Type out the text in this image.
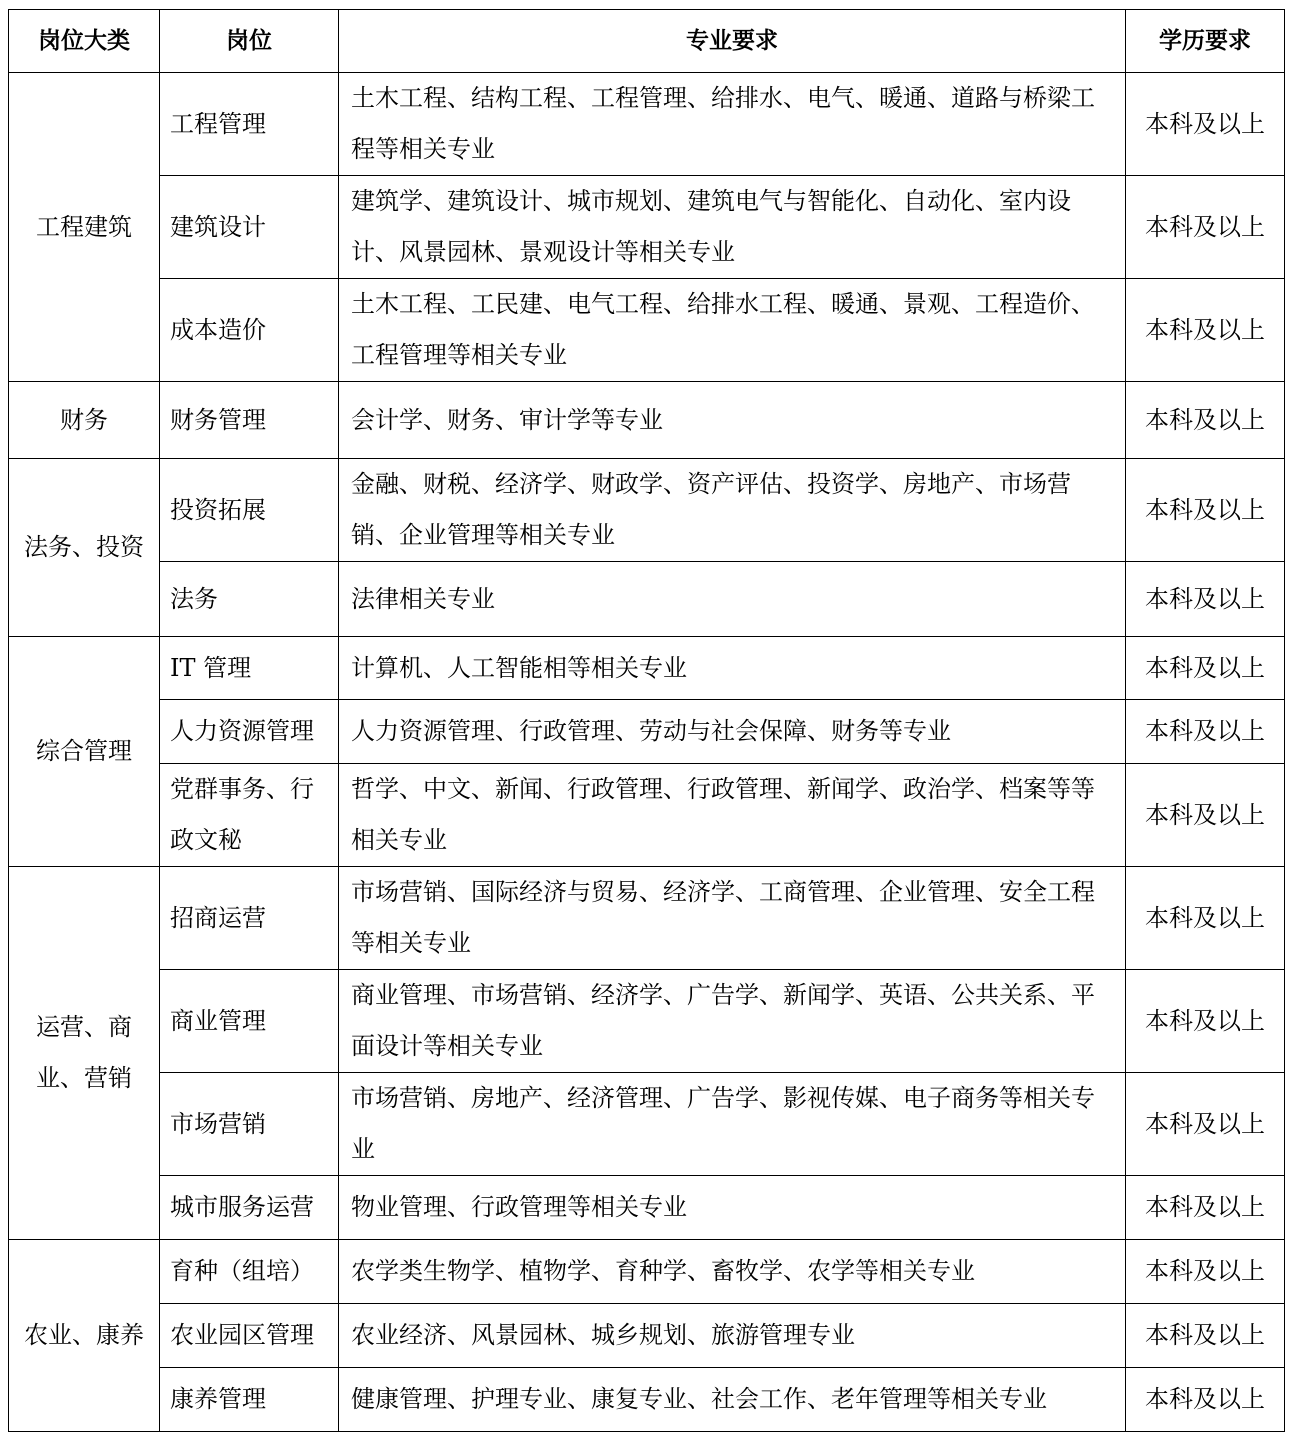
岗位大类	岗位	专业要求	学历要求
工程建筑	工程管理	土木工程、结构工程、工程管理、给排水、电气、暖通、道路与桥梁工程等相关专业	本科及以上
	建筑设计	建筑学、建筑设计、城市规划、建筑电气与智能化、自动化、室内设计、风景园林、景观设计等相关专业	本科及以上
	成本造价	土木工程、工民建、电气工程、给排水工程、暖通、景观、工程造价、工程管理等相关专业	本科及以上
财务	财务管理	会计学、财务、审计学等专业	本科及以上
法务、投资	投资拓展	金融、财税、经济学、财政学、资产评估、投资学、房地产、市场营销、企业管理等相关专业	本科及以上
	法务	法律相关专业	本科及以上
综合管理	IT 管理	计算机、人工智能相等相关专业	本科及以上
	人力资源管理	人力资源管理、行政管理、劳动与社会保障、财务等专业	本科及以上
	党群事务、行政文秘	哲学、中文、新闻、行政管理、行政管理、新闻学、政治学、档案等等相关专业	本科及以上
运营、商业、营销	招商运营	市场营销、国际经济与贸易、经济学、工商管理、企业管理、安全工程等相关专业	本科及以上
	商业管理	商业管理、市场营销、经济学、广告学、新闻学、英语、公共关系、平面设计等相关专业	本科及以上
	市场营销	市场营销、房地产、经济管理、广告学、影视传媒、电子商务等相关专业	本科及以上
	城市服务运营	物业管理、行政管理等相关专业	本科及以上
农业、康养	育种（组培）	农学类生物学、植物学、育种学、畜牧学、农学等相关专业	本科及以上
	农业园区管理	农业经济、风景园林、城乡规划、旅游管理专业	本科及以上
	康养管理	健康管理、护理专业、康复专业、社会工作、老年管理等相关专业	本科及以上
